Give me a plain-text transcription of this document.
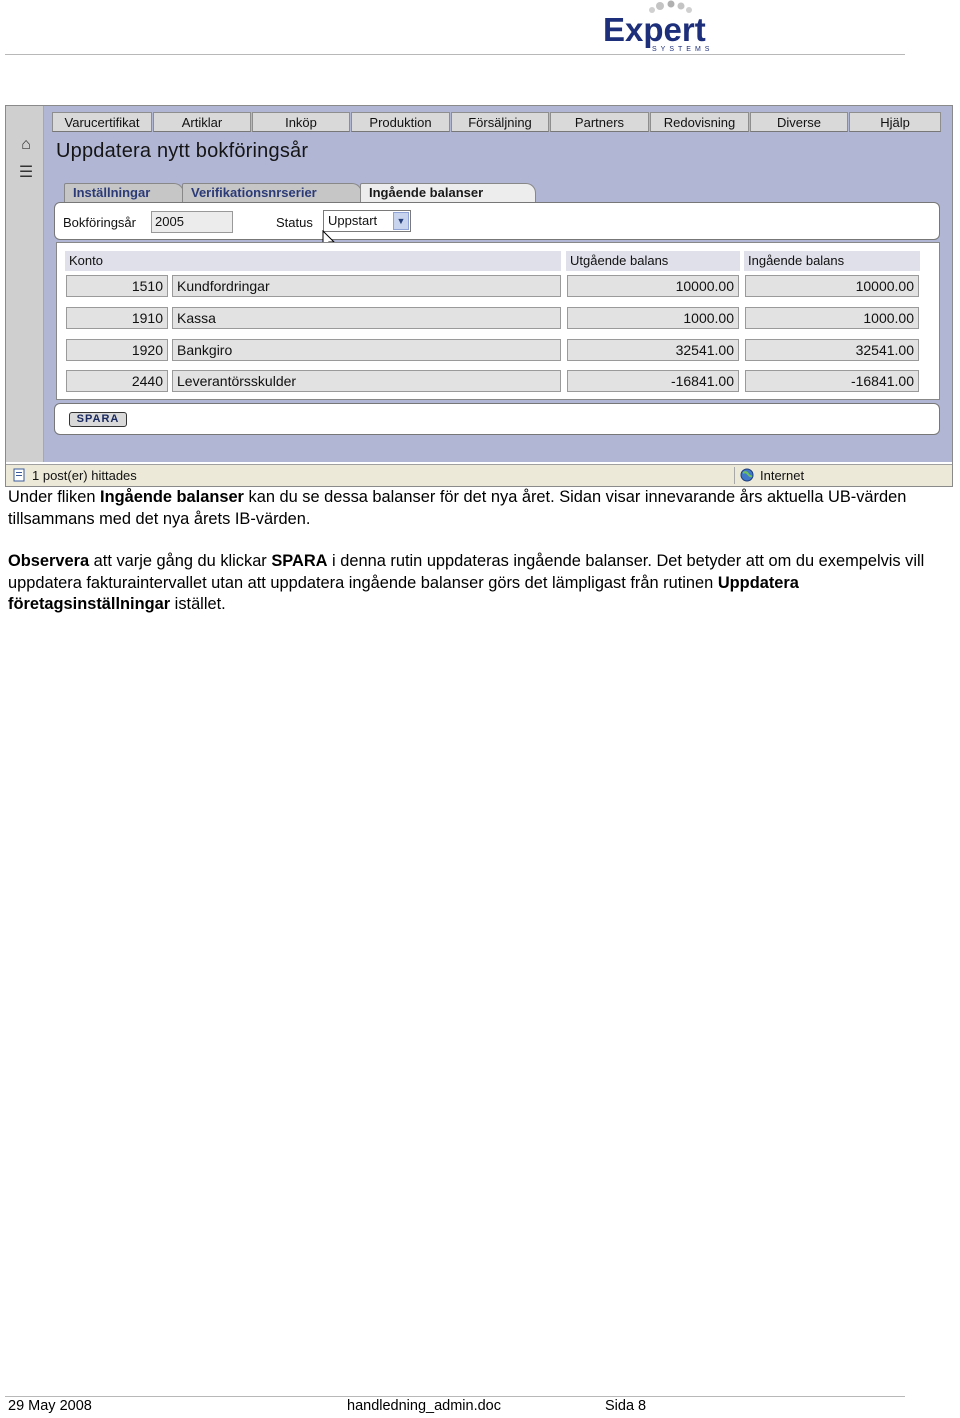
Expert
SYSTEMS
⌂
☰
Varucertifikat	Artiklar	Inköp	Produktion	Försäljning	Partners	Redovisning	Diverse	Hjälp
Uppdatera nytt bokföringsår
Inställningar	Verifikationsnrserier	Ingående balanser
Bokföringsår	2005	Status	Uppstart	▼
Konto	Utgående balans	Ingående balans
1510	Kundfordringar	10000.00	10000.00
1910	Kassa	1000.00	1000.00
1920	Bankgiro	32541.00	32541.00
2440	Leverantörsskulder	-16841.00	-16841.00
SPARA
1 post(er) hittades	Internet
Under fliken Ingående balanser kan du se dessa balanser för det nya året. Sidan visar innevarande års aktuella UB-värden tillsammans med det nya årets IB-värden.
Observera att varje gång du klickar SPARA i denna rutin uppdateras ingående balanser. Det betyder att om du exempelvis vill uppdatera fakturaintervallet utan att uppdatera ingående balanser görs det lämpligast från rutinen Uppdatera företagsinställningar istället.
29 May 2008	handledning_admin.doc	Sida 8
